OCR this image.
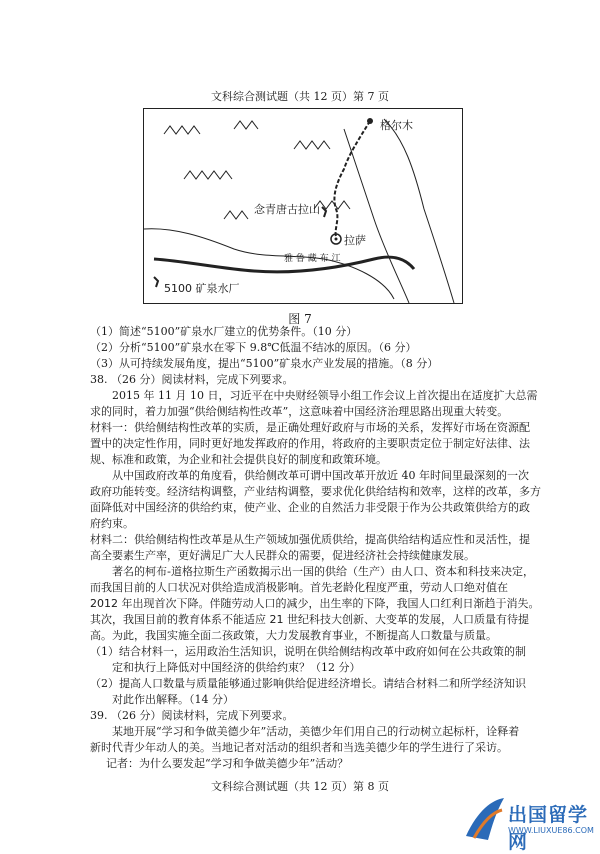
文科综合测试题（共 12 页）第 7 页
格尔木
念青唐古拉山
拉萨
雅 鲁 藏 布 江
5100 矿泉水厂
图 7
（1）简述“5100”矿泉水厂建立的优势条件。（10 分）
（2）分析“5100”矿泉水在零下 9.8℃低温不结冰的原因。（6 分）
（3）从可持续发展角度，提出“5100”矿泉水产业发展的措施。（8 分）
38. （26 分）阅读材料，完成下列要求。
2015 年 11 月 10 日，习近平在中央财经领导小组工作会议上首次提出在适度扩大总需
求的同时，着力加强“供给侧结构性改革”，这意味着中国经济治理思路出现重大转变。
材料一：供给侧结构性改革的实质，是正确处理好政府与市场的关系，发挥好市场在资源配
置中的决定性作用，同时更好地发挥政府的作用，将政府的主要职责定位于制定好法律、法
规、标准和政策，为企业和社会提供良好的制度和政策环境。
从中国政府改革的角度看，供给侧改革可谓中国改革开放近 40 年时间里最深刻的一次
政府功能转变。经济结构调整，产业结构调整，要求优化供给结构和效率，这样的改革，多方
面降低对中国经济的供给约束，使产业、企业的自然活力非受限于作为公共政策供给方的政
府约束。
材料二：供给侧结构性改革是从生产领域加强优质供给，提高供给结构适应性和灵活性，提
高全要素生产率，更好满足广大人民群众的需要，促进经济社会持续健康发展。
著名的柯布-道格拉斯生产函数揭示出一国的供给（生产）由人口、资本和科技来决定，
而我国目前的人口状况对供给造成消极影响。首先老龄化程度严重，劳动人口绝对值在
2012 年出现首次下降。伴随劳动人口的减少，出生率的下降，我国人口红利日渐趋于消失。
其次，我国目前的教育体系不能适应 21 世纪科技大创新、大变革的发展，人口质量有待提
高。为此，我国实施全面二孩政策，大力发展教育事业，不断提高人口数量与质量。
（1）结合材料一，运用政治生活知识，说明在供给侧结构改革中政府如何在公共政策的制
定和执行上降低对中国经济的供给约束？（12 分）
（2）提高人口数量与质量能够通过影响供给促进经济增长。请结合材料二和所学经济知识
对此作出解释。（14 分）
39. （26 分）阅读材料，完成下列要求。
某地开展“学习和争做美德少年”活动，美德少年们用自己的行动树立起标杆，诠释着
新时代青少年动人的美。当地记者对活动的组织者和当选美德少年的学生进行了采访。
记者：为什么要发起“学习和争做美德少年”活动？
文科综合测试题（共 12 页）第 8 页
出国留学网
WWW.LIUXUE86.COM
